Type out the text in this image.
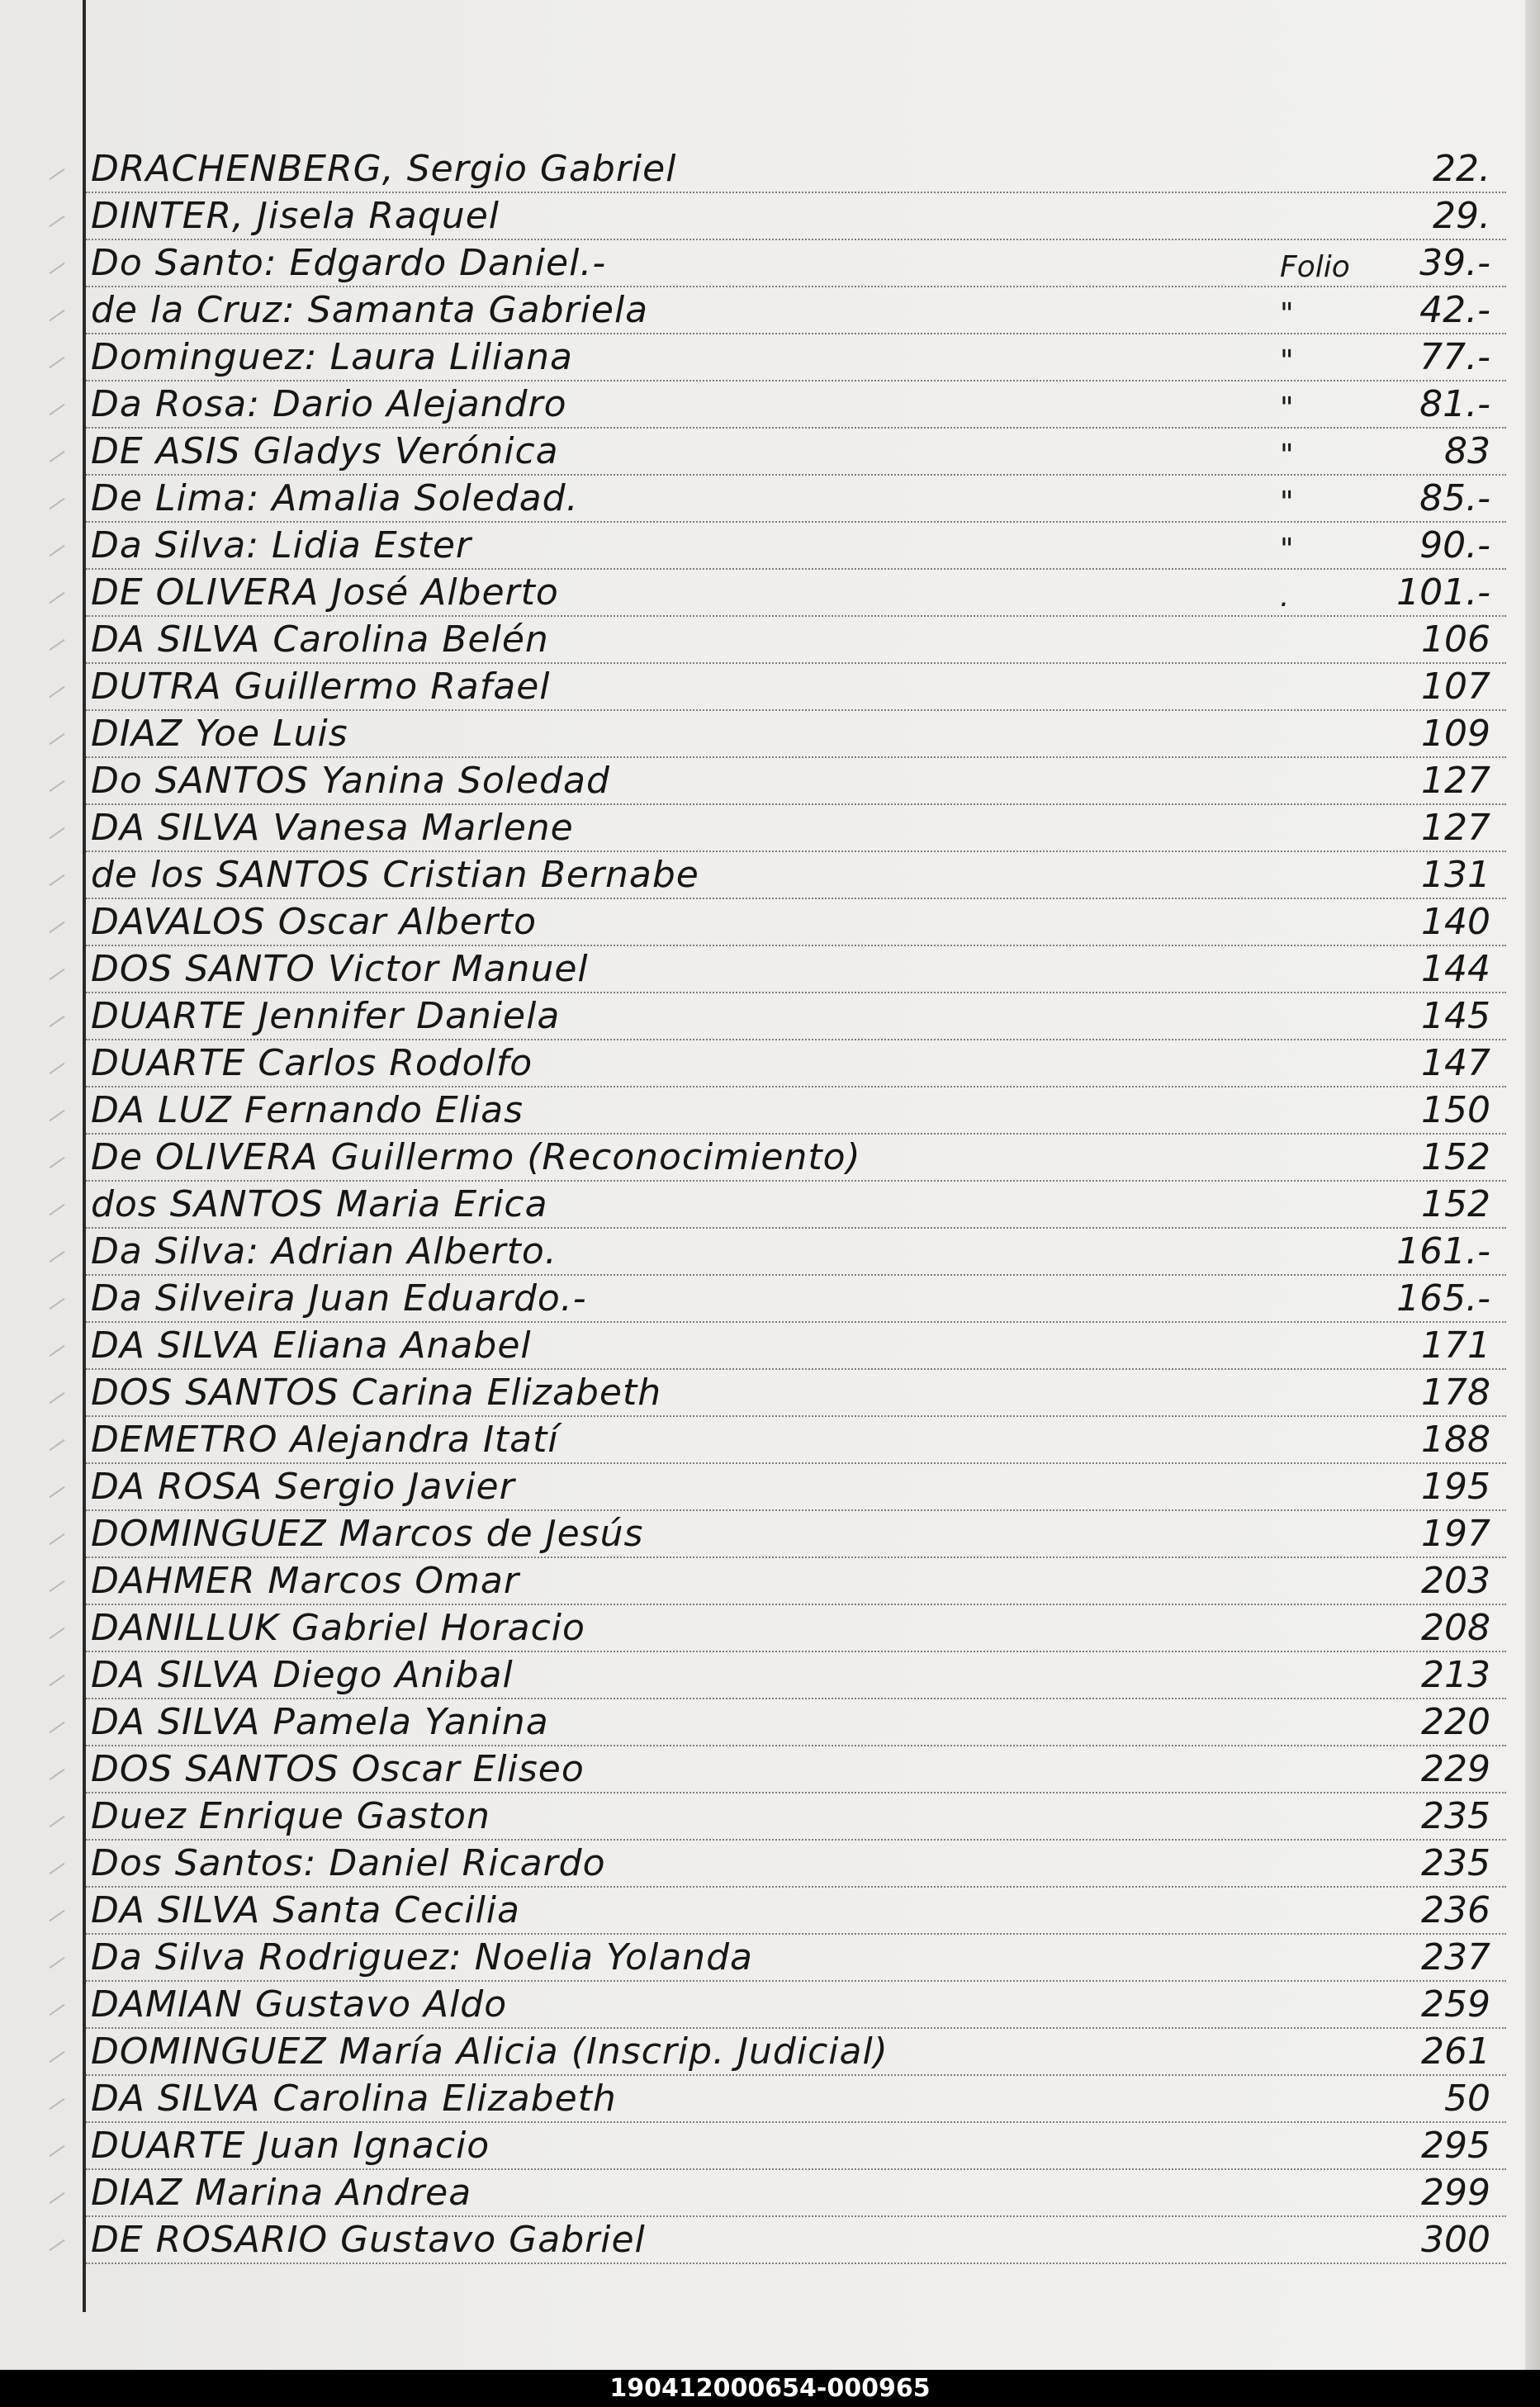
DRACHENBERG, Sergio Gabriel	22.
DINTER, Jisela Raquel	29.
Do Santo: Edgardo Daniel.-	Folio 39.-
de la Cruz: Samanta Gabriela	"	42.-
Dominguez: Laura Liliana	"	77.-
Da Rosa: Dario Alejandro	"	81.-
DE ASIS Gladys Verónica	"	83
De Lima: Amalia Soledad.	"	85.-
Da Silva: Lidia Ester	"	90.-
DE OLIVERA José Alberto	.	101.-
DA SILVA Carolina Belén	106
DUTRA Guillermo Rafael	107
DIAZ Yoe Luis	109
Do SANTOS Yanina Soledad	127
DA SILVA Vanesa Marlene	127
de los SANTOS Cristian Bernabe	131
DAVALOS Oscar Alberto	140
DOS SANTO Victor Manuel	144
DUARTE Jennifer Daniela	145
DUARTE Carlos Rodolfo	147
DA LUZ Fernando Elias	150
De OLIVERA Guillermo (Reconocimiento)	152
dos SANTOS Maria Erica	152
Da Silva: Adrian Alberto.	161.-
Da Silveira Juan Eduardo.-	165.-
DA SILVA Eliana Anabel	171
DOS SANTOS Carina Elizabeth	178
DEMETRO Alejandra Itatí	188
DA ROSA Sergio Javier	195
DOMINGUEZ Marcos de Jesús	197
DAHMER Marcos Omar	203
DANILLUK Gabriel Horacio	208
DA SILVA Diego Anibal	213
DA SILVA Pamela Yanina	220
DOS SANTOS Oscar Eliseo	229
Duez Enrique Gaston	235
Dos Santos: Daniel Ricardo	235
DA SILVA Santa Cecilia	236
Da Silva Rodriguez: Noelia Yolanda	237
DAMIAN Gustavo Aldo	259
DOMINGUEZ María Alicia (Inscrip. Judicial)	261
DA SILVA Carolina Elizabeth	50
DUARTE Juan Ignacio	295
DIAZ Marina Andrea	299
DE ROSARIO Gustavo Gabriel	300
190412000654-000965
